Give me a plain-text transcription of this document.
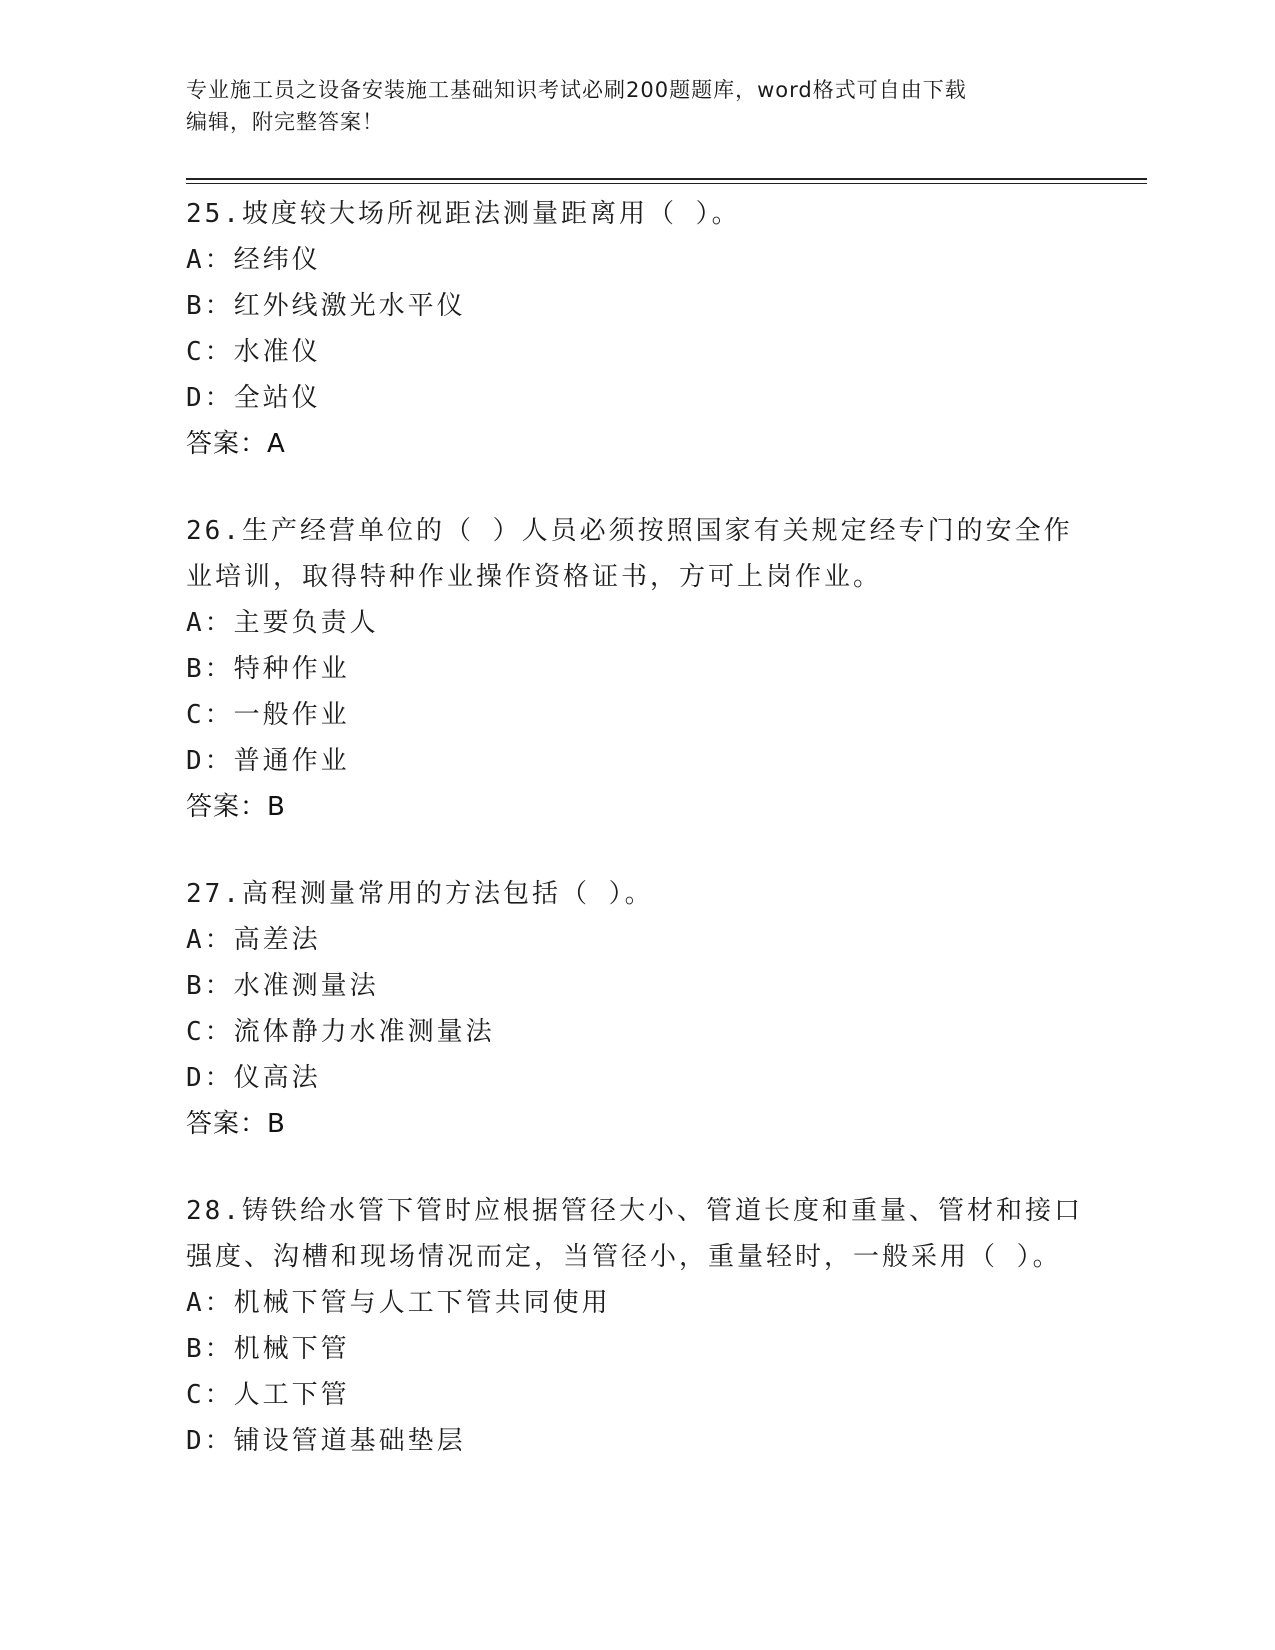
专业施工员之设备安装施工基础知识考试必刷200题题库，word格式可自由下载
编辑，附完整答案！
25.坡度较大场所视距法测量距离用（ ）。
A：经纬仪
B：红外线激光水平仪
C：水准仪
D：全站仪
答案：A
26.生产经营单位的（ ）人员必须按照国家有关规定经专门的安全作
业培训，取得特种作业操作资格证书，方可上岗作业。
A：主要负责人
B：特种作业
C：一般作业
D：普通作业
答案：B
27.高程测量常用的方法包括（ ）。
A：高差法
B：水准测量法
C：流体静力水准测量法
D：仪高法
答案：B
28.铸铁给水管下管时应根据管径大小、管道长度和重量、管材和接口
强度、沟槽和现场情况而定，当管径小，重量轻时，一般采用（ ）。
A：机械下管与人工下管共同使用
B：机械下管
C：人工下管
D：铺设管道基础垫层
